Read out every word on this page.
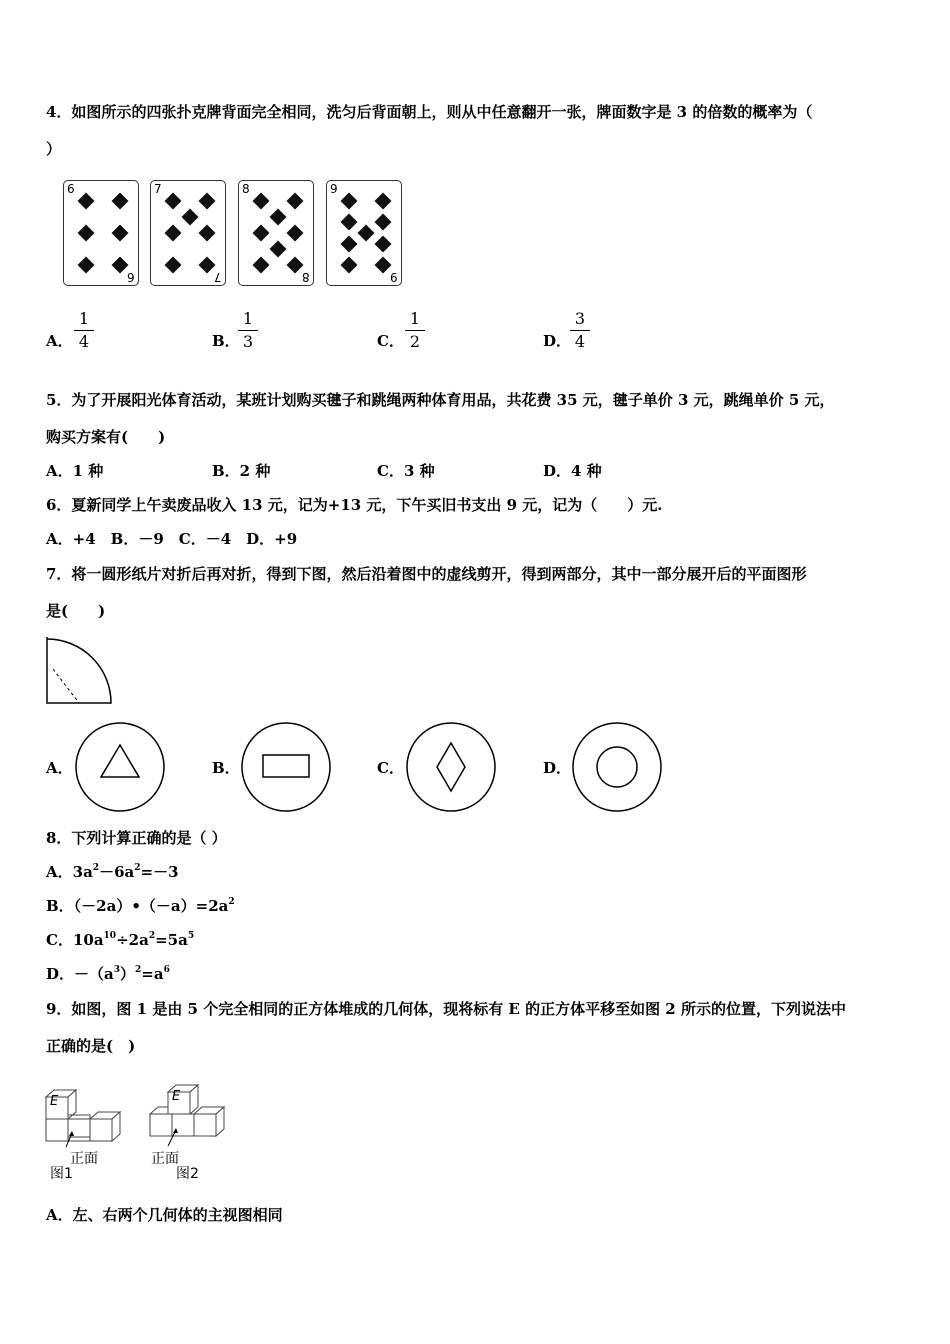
4．如图所示的四张扑克牌背面完全相同，洗匀后背面朝上，则从中任意翻开一张，牌面数字是 3 的倍数的概率为（
）
6
6
7
7
8
8
9
9
A．
1
4	B．
1
3	C．
1
2	D．
3
4
5．为了开展阳光体育活动，某班计划购买毽子和跳绳两种体育用品，共花费 35 元，毽子单价 3 元，跳绳单价 5 元，
购买方案有(　　)
A．1 种	B．2 种	C．3 种	D．4 种
6．夏新同学上午卖废品收入 13 元，记为+13 元，下午买旧书支出 9 元，记为（　　）元.
A．+4　B．－9　C．－4　D．+9
7．将一圆形纸片对折后再对折，得到下图，然后沿着图中的虚线剪开，得到两部分，其中一部分展开后的平面图形
是(　　)
A．	B．	C．	D．
8．下列计算正确的是（ ）
A．$3a^2-6a^2=-3$
B．$(-2a)•(-a)=2a^2$
C．$10a^{10}\div 2a^2=5a^5$
D．$-(a^3)^2=a^6$
9．如图，图 1 是由 5 个完全相同的正方体堆成的几何体，现将标有 E 的正方体平移至如图 2 所示的位置，下列说法中
正确的是(　)
E
正面
图1
E
正面
图2
A．左、右两个几何体的主视图相同
